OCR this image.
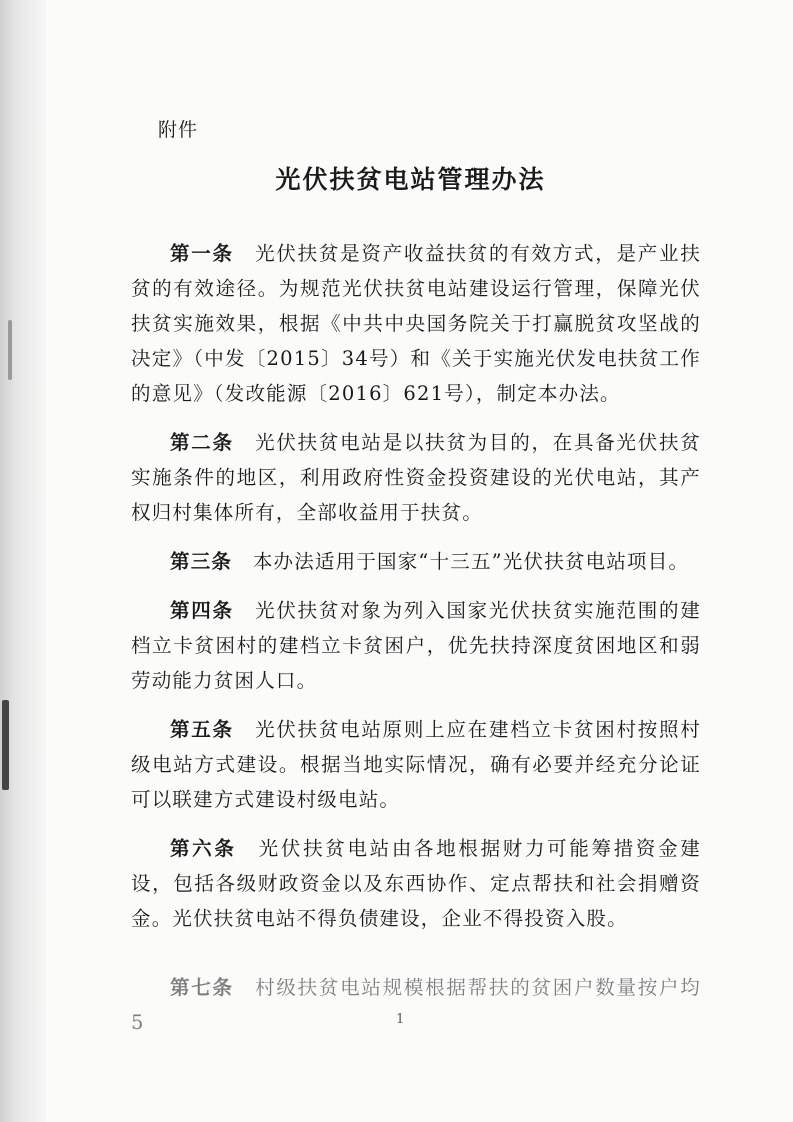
附件
光伏扶贫电站管理办法

第一条　 光伏扶贫是资产收益扶贫的有效方式，是产业扶贫的有效途径。为规范光伏扶贫电站建设运行管理，保障光伏扶贫实施效果，根据《中共中央国务院关于打赢脱贫攻坚战的决定》（中发〔2015〕34号）和《关于实施光伏发电扶贫工作的意见》（发改能源〔2016〕621号），制定本办法。

第二条　 光伏扶贫电站是以扶贫为目的，在具备光伏扶贫实施条件的地区，利用政府性资金投资建设的光伏电站，其产权归村集体所有，全部收益用于扶贫。

第三条　 本办法适用于国家“十三五”光伏扶贫电站项目。

第四条　 光伏扶贫对象为列入国家光伏扶贫实施范围的建档立卡贫困村的建档立卡贫困户，优先扶持深度贫困地区和弱劳动能力贫困人口。

第五条　 光伏扶贫电站原则上应在建档立卡贫困村按照村级电站方式建设。根据当地实际情况，确有必要并经充分论证可以联建方式建设村级电站。

第六条　 光伏扶贫电站由各地根据财力可能筹措资金建设，包括各级财政资金以及东西协作、定点帮扶和社会捐赠资金。光伏扶贫电站不得负债建设，企业不得投资入股。

第七条　 村级扶贫电站规模根据帮扶的贫困户数量按户均 5	1
